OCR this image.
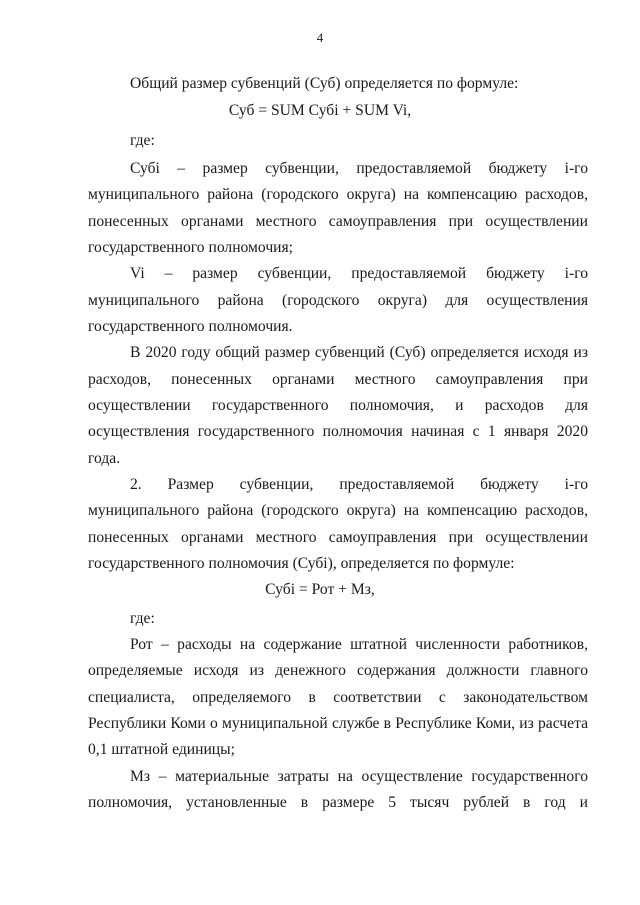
4
Общий размер субвенций (Суб) определяется по формуле:
Суб = SUM Субi + SUM Vi,
где:
Субi – размер субвенции, предоставляемой бюджету i-го
муниципального района (городского округа) на компенсацию расходов,
понесенных органами местного самоуправления при осуществлении
государственного полномочия;
Vi – размер субвенции, предоставляемой бюджету i-го
муниципального района (городского округа) для осуществления
государственного полномочия.
В 2020 году общий размер субвенций (Суб) определяется исходя из
расходов, понесенных органами местного самоуправления при
осуществлении государственного полномочия, и расходов для
осуществления государственного полномочия начиная с 1 января 2020
года.
2. Размер субвенции, предоставляемой бюджету i-го
муниципального района (городского округа) на компенсацию расходов,
понесенных органами местного самоуправления при осуществлении
государственного полномочия (Субi), определяется по формуле:
Субi = Рот + Мз,
где:
Рот – расходы на содержание штатной численности работников,
определяемые исходя из денежного содержания должности главного
специалиста, определяемого в соответствии с законодательством
Республики Коми о муниципальной службе в Республике Коми, из расчета
0,1 штатной единицы;
Мз – материальные затраты на осуществление государственного
полномочия, установленные в размере 5 тысяч рублей в год и
